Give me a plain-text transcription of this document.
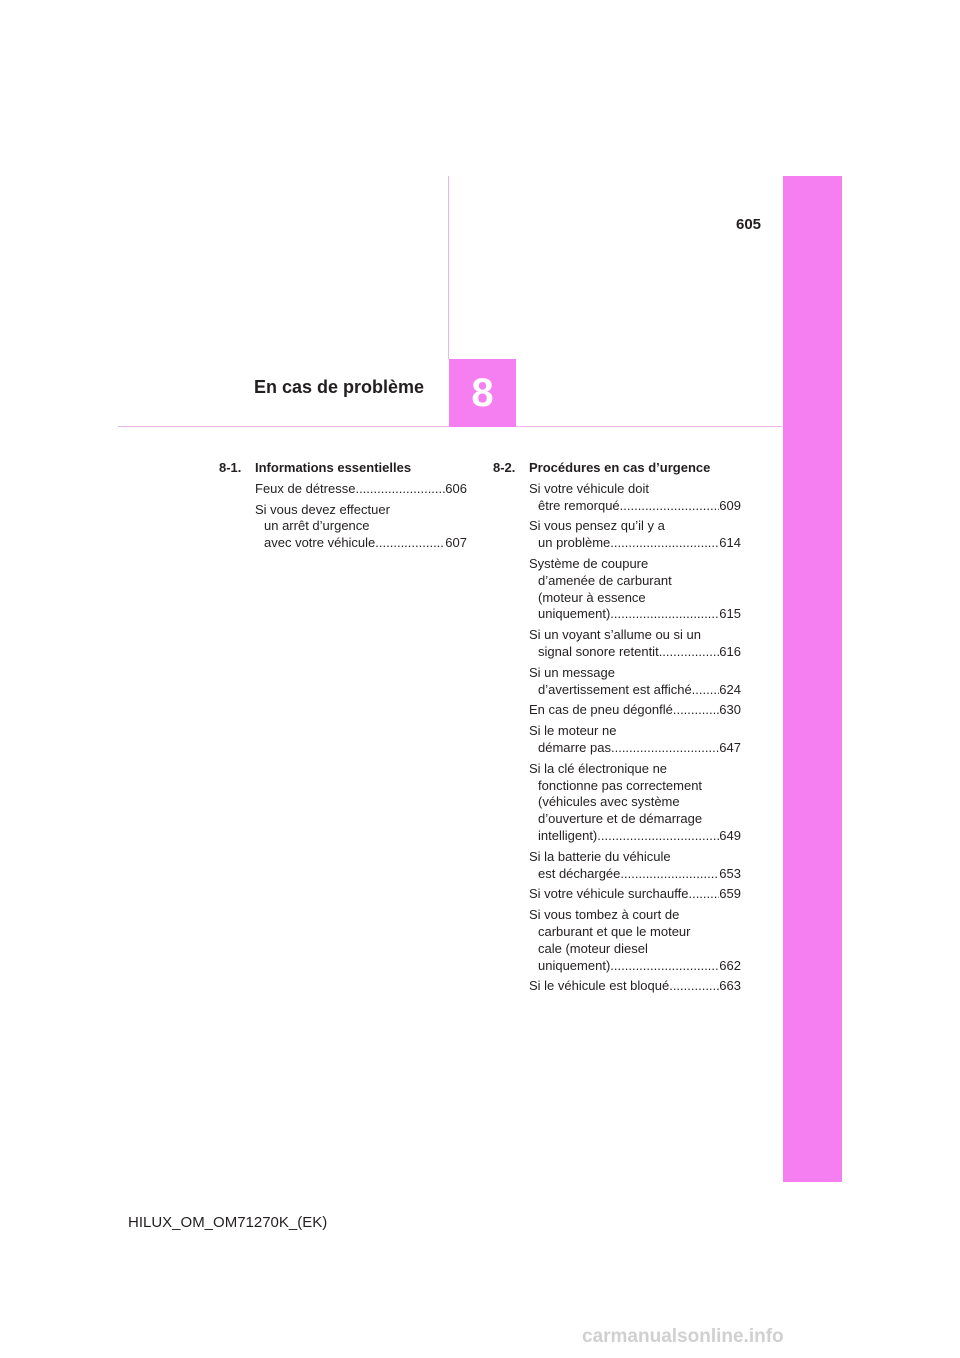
605
8
En cas de problème
8-1.	Informations essentielles
Feux de détresse .....	606
Si vous devez effectuer
un arrêt d’urgence
avec votre véhicule .....	607
8-2.	Procédures en cas d’urgence
Si votre véhicule doit
être remorqué .....	609
Si vous pensez qu’il y a
un problème .....	614
Système de coupure
d’amenée de carburant
(moteur à essence
uniquement) .....	615
Si un voyant s’allume ou si un
signal sonore retentit .....	616
Si un message
d’avertissement est affiché ..... 624
En cas de pneu dégonflé .....	630
Si le moteur ne
démarre pas .....	647
Si la clé électronique ne
fonctionne pas correctement
(véhicules avec système
d’ouverture et de démarrage
intelligent) .....	649
Si la batterie du véhicule
est déchargée .....	653
Si votre véhicule surchauffe ..... 659
Si vous tombez à court de
carburant et que le moteur
cale (moteur diesel
uniquement) .....	662
Si le véhicule est bloqué .....	663
HILUX_OM_OM71270K_(EK)
carmanualsonline.info
